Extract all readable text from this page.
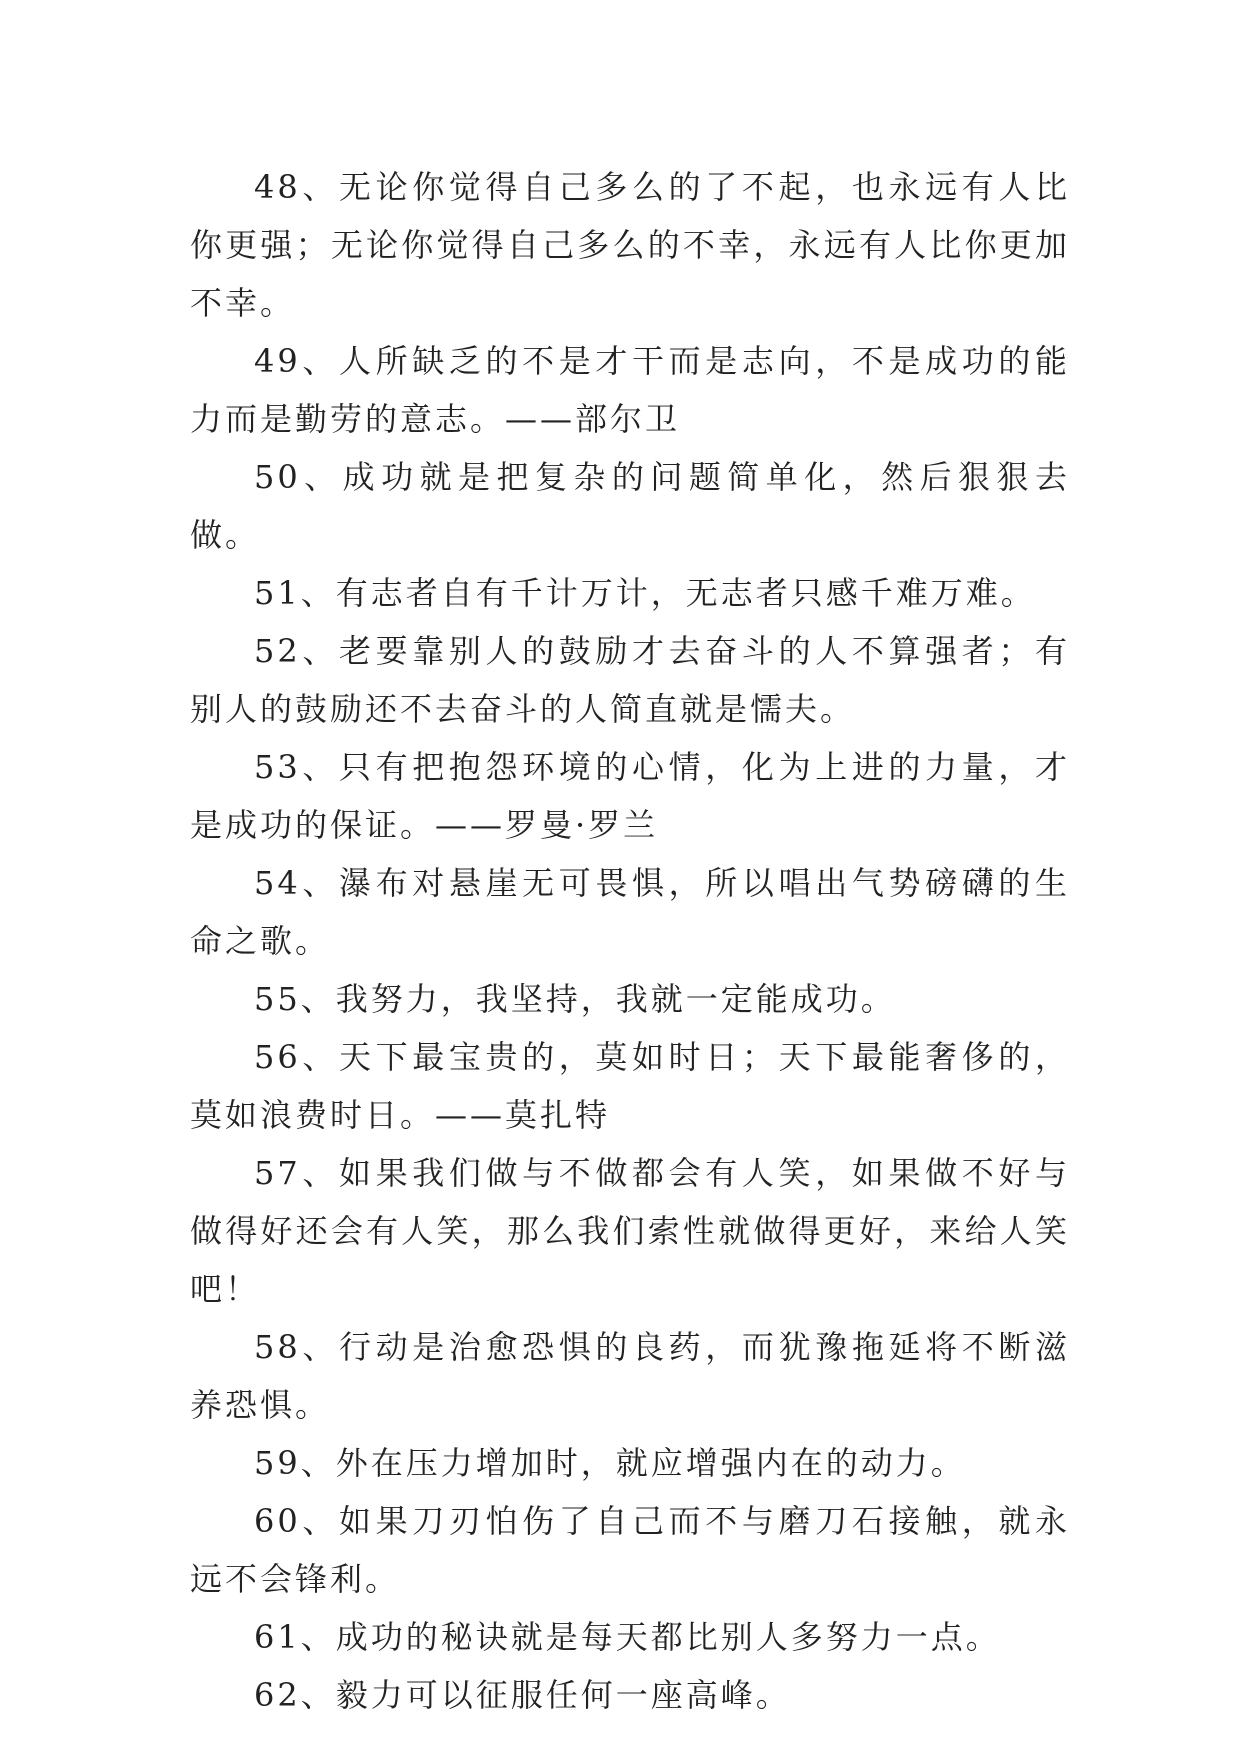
48、无论你觉得自己多么的了不起，也永远有人比你更强；无论你觉得自己多么的不幸，永远有人比你更加不幸。

49、人所缺乏的不是才干而是志向，不是成功的能力而是勤劳的意志。——部尔卫

50、成功就是把复杂的问题简单化，然后狠狠去做。

51、有志者自有千计万计，无志者只感千难万难。

52、老要靠别人的鼓励才去奋斗的人不算强者；有别人的鼓励还不去奋斗的人简直就是懦夫。

53、只有把抱怨环境的心情，化为上进的力量，才是成功的保证。——罗曼·罗兰

54、瀑布对悬崖无可畏惧，所以唱出气势磅礴的生命之歌。

55、我努力，我坚持，我就一定能成功。

56、天下最宝贵的，莫如时日；天下最能奢侈的，莫如浪费时日。——莫扎特

57、如果我们做与不做都会有人笑，如果做不好与做得好还会有人笑，那么我们索性就做得更好，来给人笑吧！

58、行动是治愈恐惧的良药，而犹豫拖延将不断滋养恐惧。

59、外在压力增加时，就应增强内在的动力。

60、如果刀刃怕伤了自己而不与磨刀石接触，就永远不会锋利。

61、成功的秘诀就是每天都比别人多努力一点。

62、毅力可以征服任何一座高峰。
